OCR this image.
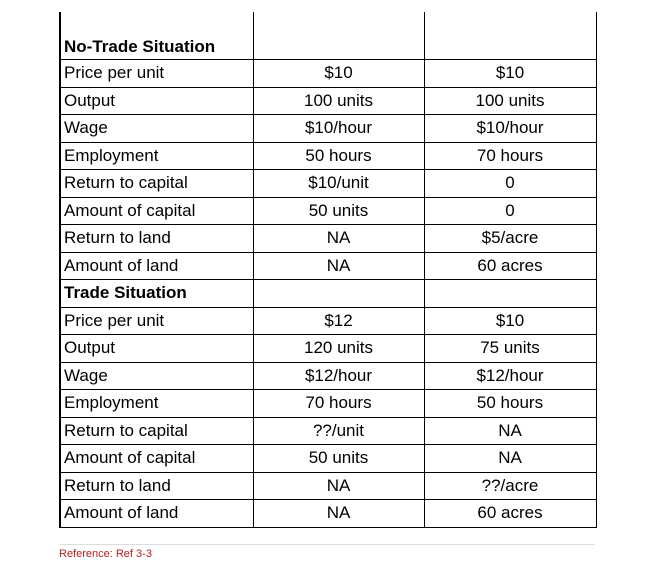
No-Trade Situation		
Price per unit	$10	$10
Output	100 units	100 units
Wage	$10/hour	$10/hour
Employment	50 hours	70 hours
Return to capital	$10/unit	0
Amount of capital	50 units	0
Return to land	NA	$5/acre
Amount of land	NA	60 acres
Trade Situation		
Price per unit	$12	$10
Output	120 units	75 units
Wage	$12/hour	$12/hour
Employment	70 hours	50 hours
Return to capital	??/unit	NA
Amount of capital	50 units	NA
Return to land	NA	??/acre
Amount of land	NA	60 acres
Reference: Ref 3-3
